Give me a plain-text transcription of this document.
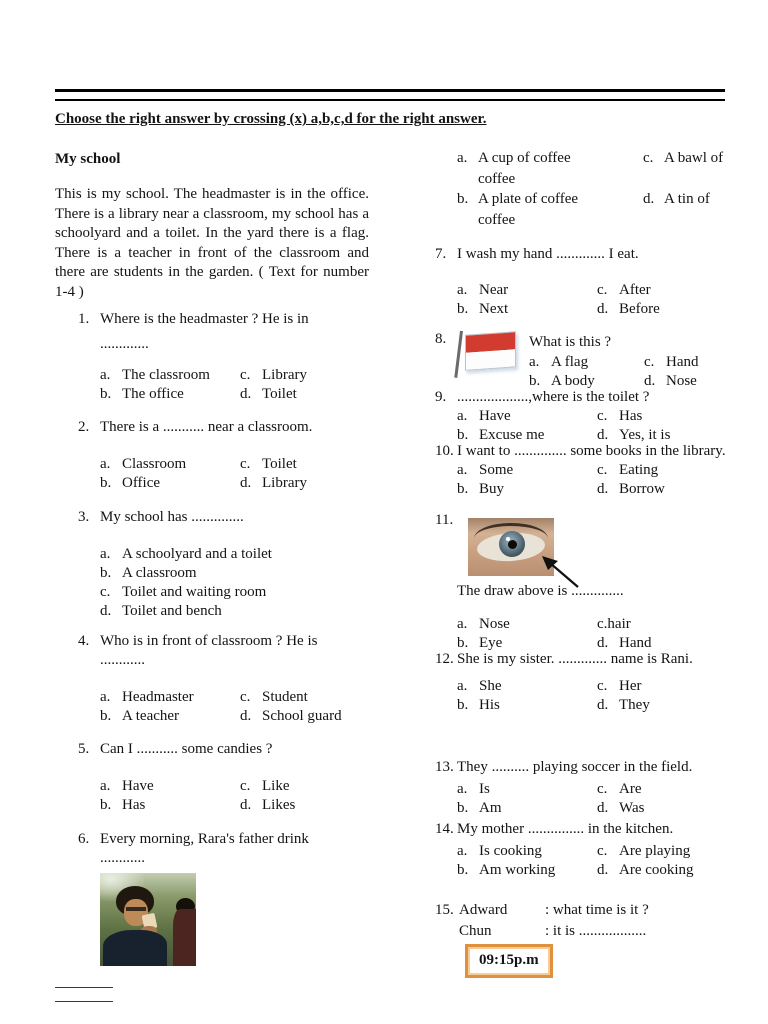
Choose the right answer by crossing (x) a,b,c,d for the right answer.
My school
This is my school. The headmaster is in the office. There is a library near a classroom, my school has a schoolyard and a toilet. In the yard there is a flag. There is a teacher in front of the classroom and there are students in the garden. ( Text for number 1-4 )
1. Where is the headmaster ? He is in
.............
a. The classroom	c. Library
b. The office	d. Toilet
2. There is a ........... near a classroom.
a. Classroom	c. Toilet
b. Office	d. Library
3. My school has ..............
a. A schoolyard and a toilet
b. A classroom
c. Toilet and waiting room
d. Toilet and bench
4. Who is in front of classroom ? He is
............
a. Headmaster	c. Student
b. A teacher	d. School guard
5. Can I ........... some candies ?
a. Have	c. Like
b. Has	d. Likes
6. Every morning, Rara's father drink
............

a. A cup of coffee	c. A bawl of coffee

b. A plate of coffee	d. A tin of coffee

7. I wash my hand ............. I eat.
a. Near	c. After
b. Next	d. Before
8.	What is this ?
a. A flag	c. Hand
b. A body	d. Nose
9. ...................,where is the toilet ?
a. Have	c. Has
b. Excuse me	d. Yes, it is
10. I want to .............. some books in the library.
a. Some	c. Eating
b. Buy	d. Borrow
11.
The draw above is ..............
a. Nose	c. hair
b. Eye	d. Hand
12. She is my sister. ............. name is Rani.
a. She	c. Her
b. His	d. They
13. They .......... playing soccer in the field.
a. Is	c. Are
b. Am	d. Was
14. My mother ............... in the kitchen.
a. Is cooking	c. Are playing
b. Am working	d. Are cooking
15. Adward	: what time is it ?
Chun	: it is ..................
09:15p.m
